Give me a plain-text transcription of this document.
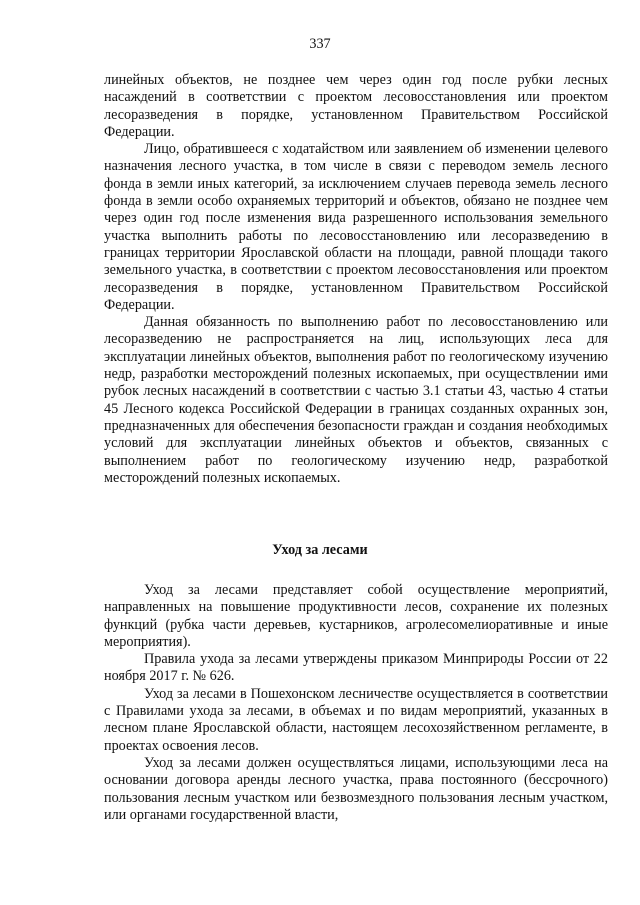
337

линейных объектов, не позднее чем через один год после рубки лесных насаждений в соответствии с проектом лесовосстановления или проектом лесоразведения в порядке, установленном Правительством Российской Федерации.

Лицо, обратившееся с ходатайством или заявлением об изменении целевого назначения лесного участка, в том числе в связи с переводом земель лесного фонда в земли иных категорий, за исключением случаев перевода земель лесного фонда в земли особо охраняемых территорий и объектов, обязано не позднее чем через один год после изменения вида разрешенного использования земельного участка выполнить работы по лесовосстановлению или лесоразведению в границах территории Ярославской области на площади, равной площади такого земельного участка, в соответствии с проектом лесовосстановления или проектом лесоразведения в порядке, установленном Правительством Российской Федерации.

Данная обязанность по выполнению работ по лесовосстановлению или лесоразведению не распространяется на лиц, использующих леса для эксплуатации линейных объектов, выполнения работ по геологическому изучению недр, разработки месторождений полезных ископаемых, при осуществлении ими рубок лесных насаждений в соответствии с частью 3.1 статьи 43, частью 4 статьи 45 Лесного кодекса Российской Федерации в границах созданных охранных зон, предназначенных для обеспечения безопасности граждан и создания необходимых условий для эксплуатации линейных объектов и объектов, связанных с выполнением работ по геологическому изучению недр, разработкой месторождений полезных ископаемых.

Уход за лесами

Уход за лесами представляет собой осуществление мероприятий, направленных на повышение продуктивности лесов, сохранение их полезных функций (рубка части деревьев, кустарников, агролесомелиоративные и иные мероприятия).

Правила ухода за лесами утверждены приказом Минприроды России от 22 ноября 2017 г. № 626.

Уход за лесами в Пошехонском лесничестве осуществляется в соответствии с Правилами ухода за лесами, в объемах и по видам мероприятий, указанных в лесном плане Ярославской области, настоящем лесохозяйственном регламенте, в проектах освоения лесов.

Уход за лесами должен осуществляться лицами, использующими леса на основании договора аренды лесного участка, права постоянного (бессрочного) пользования лесным участком или безвозмездного пользования лесным участком, или органами государственной власти,
